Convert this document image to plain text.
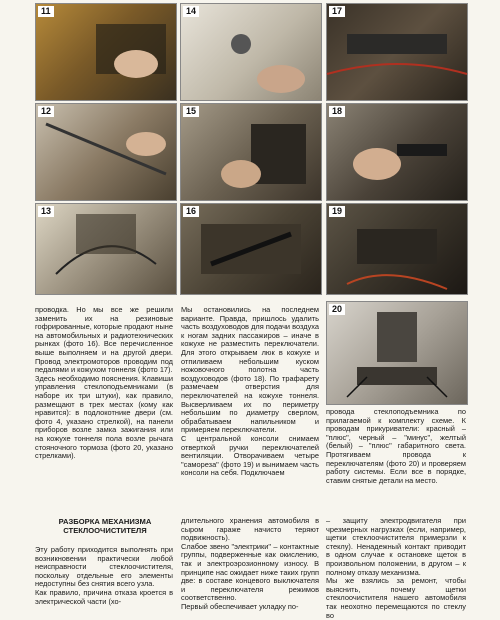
11	14	17
12	15	18
13	16	19
20
проводка. Но мы все же решили заменить их на резиновые гофрированные, которые продают ныне на автомобильных и радиотехнических рынках (фото 16). Все перечисленное выше выполняем и на другой двери. Провод электромоторов проводим под педалями и кожухом тоннеля (фото 17).
Здесь необходимо пояснения. Клавиши управления стеклоподъемниками (в наборе их три штуки), как правило, размещают в трех местах (кому как нравится): в подлокотнике двери (см. фото 4, указано стрелкой), на панели приборов возле замка зажигания или на кожухе тоннеля пола возле рычага стояночного тормоза (фото 20, указано стрелками).
Мы остановились на последнем варианте. Правда, пришлось удалить часть воздуховодов для подачи воздуха к ногам задних пассажиров – иначе в кожухе не разместить переключатели. Для этого открываем люк в кожухе и отпиливаем небольшим куском ножовочного полотна часть воздуховодов (фото 18). По трафарету размечаем отверстия для переключателей на кожухе тоннеля. Высверливаем их по периметру небольшим по диаметру сверлом, обрабатываем напильником и примеряем переключатели.
С центральной консоли снимаем отверткой ручки переключателей вентиляции. Отворачиваем четыре "самореза" (фото 19) и вынимаем часть консоли на себя. Подключаем
провода стеклоподъемника по прилагаемой к комплекту схеме. К проводам прикуриватели: красный – "плюс", черный – "минус", желтый (белый) – "плюс" габаритного света. Протягиваем провода к переключателям (фото 20) и проверяем работу системы. Если все в порядке, ставим снятые детали на место.
РАЗБОРКА МЕХАНИЗМА СТЕКЛООЧИСТИТЕЛЯ
Эту работу приходится выполнять при возникновении практически любой неисправности стеклоочистителя, поскольку отдельные его элементы недоступны без снятия всего узла.
Как правило, причина отказа кроется в электрической части (хо-
длительного хранения автомобиля в сыром гараже начисто теряют подвижность).
Слабое звено "электрики" – контактные группы, подверженные как окислению, так и электроэрозионному износу. В принципе нас ожидает ниже таких групп две: в составе концевого выключателя и переключателя режимов соответственно.
Первый обеспечивает укладку по-
– защиту электродвигателя при чрезмерных нагрузках (если, например, щетки стеклоочистителя примерзли к стеклу). Ненадежный контакт приводит в одном случае к остановке щеток в произвольном положении, в другом – к полному отказу механизма.
Мы же взялись за ремонт, чтобы выяснить, почему щетки стеклоочистителя нашего автомобиля так неохотно перемещаются по стеклу во
